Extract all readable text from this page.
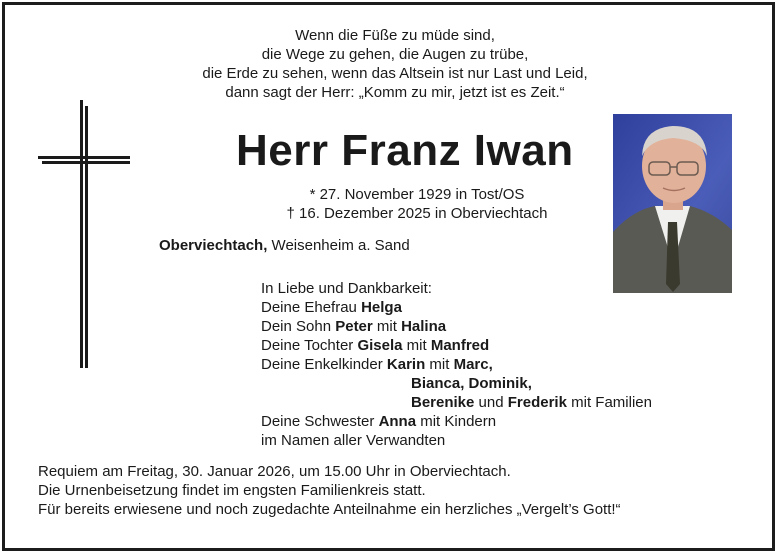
Wenn die Füße zu müde sind,
die Wege zu gehen, die Augen zu trübe,
die Erde zu sehen, wenn das Altsein ist nur Last und Leid,
dann sagt der Herr: „Komm zu mir, jetzt ist es Zeit.“
Herr Franz Iwan
* 27. November 1929 in Tost/OS
† 16. Dezember 2025 in Oberviechtach
Oberviechtach, Weisenheim a. Sand
In Liebe und Dankbarkeit:
Deine Ehefrau Helga
Dein Sohn Peter mit Halina
Deine Tochter Gisela mit Manfred
Deine Enkelkinder Karin mit Marc,
Bianca, Dominik,
Berenike und Frederik mit Familien
Deine Schwester Anna mit Kindern
im Namen aller Verwandten
Requiem am Freitag, 30. Januar 2026, um 15.00 Uhr in Oberviechtach.
Die Urnenbeisetzung findet im engsten Familienkreis statt.
Für bereits erwiesene und noch zugedachte Anteilnahme ein herzliches „Vergelt’s Gott!“
